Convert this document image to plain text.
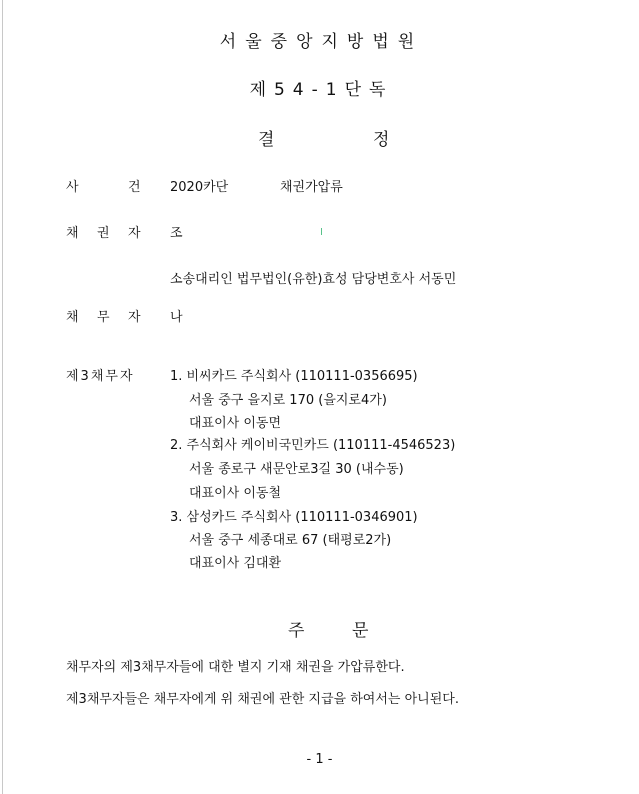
서울중앙지방법원
제54-1단독
결	정
사	건 2020카단	채권가압류
채 권 자 조
소송대리인 법무법인(유한)효성 담당변호사 서동민
채 무 자 나
제3채무자	1. 비씨카드 주식회사 (110111-0356695)
서울 중구 을지로 170 (을지로4가)
대표이사 이동면
2. 주식회사 케이비국민카드 (110111-4546523)
서울 종로구 새문안로3길 30 (내수동)
대표이사 이동철
3. 삼성카드 주식회사 (110111-0346901)
서울 중구 세종대로 67 (태평로2가)
대표이사 김대환
주	문
채무자의 제3채무자들에 대한 별지 기재 채권을 가압류한다.
제3채무자들은 채무자에게 위 채권에 관한 지급을 하여서는 아니된다.
- 1 -
